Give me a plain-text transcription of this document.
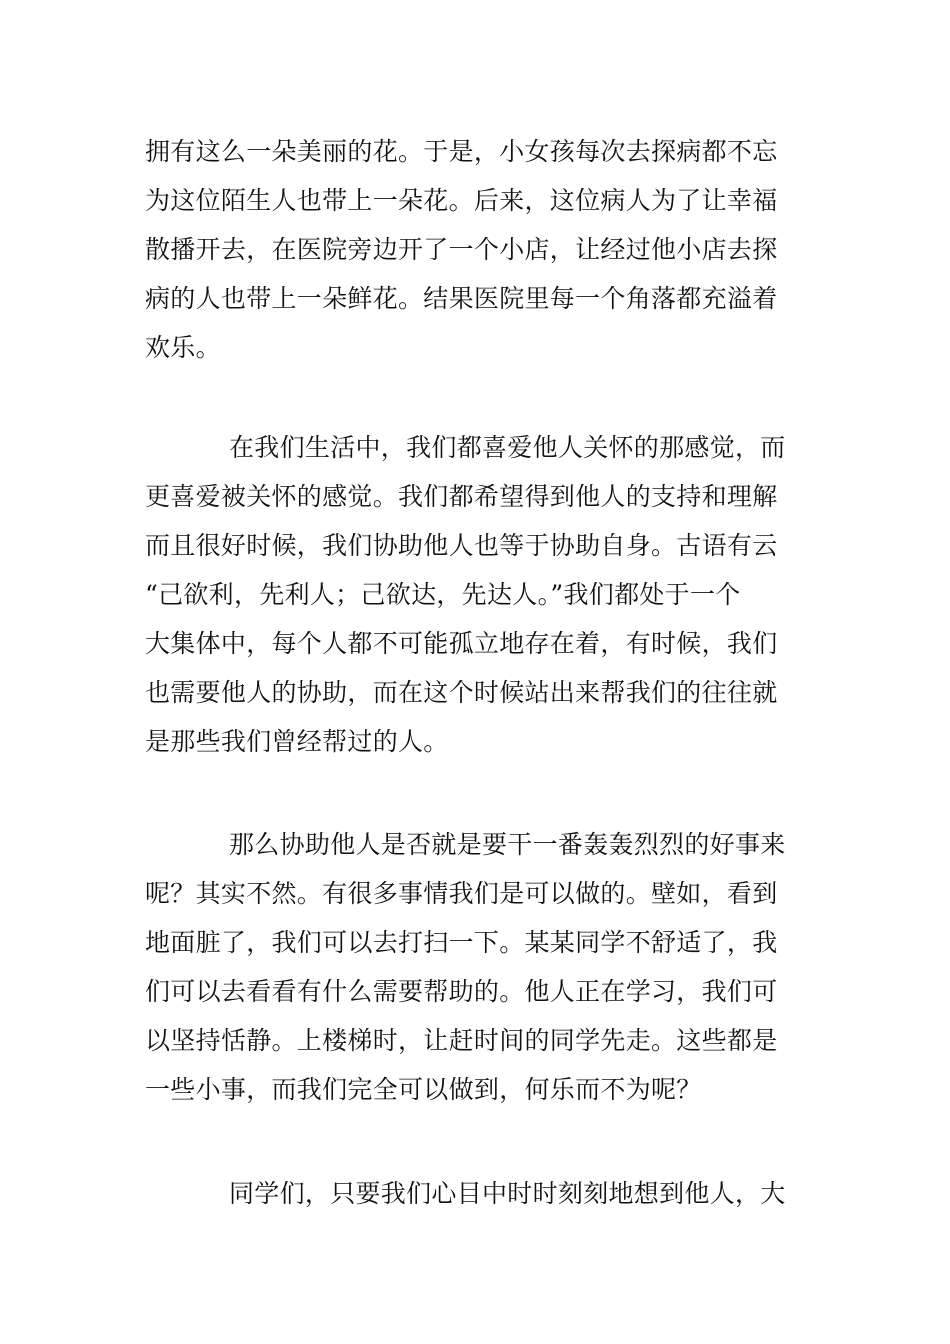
拥有这么一朵美丽的花。于是，小女孩每次去探病都不忘
为这位陌生人也带上一朵花。后来，这位病人为了让幸福
散播开去，在医院旁边开了一个小店，让经过他小店去探
病的人也带上一朵鲜花。结果医院里每一个角落都充溢着
欢乐。
在我们生活中，我们都喜爱他人关怀的那感觉，而
更喜爱被关怀的感觉。我们都希望得到他人的支持和理解
而且很好时候，我们协助他人也等于协助自身。古语有云
“己欲利，先利人；己欲达，先达人。”我们都处于一个
大集体中，每个人都不可能孤立地存在着，有时候，我们
也需要他人的协助，而在这个时候站出来帮我们的往往就
是那些我们曾经帮过的人。
那么协助他人是否就是要干一番轰轰烈烈的好事来
呢？其实不然。有很多事情我们是可以做的。壁如，看到
地面脏了，我们可以去打扫一下。某某同学不舒适了，我
们可以去看看有什么需要帮助的。他人正在学习，我们可
以坚持恬静。上楼梯时，让赶时间的同学先走。这些都是
一些小事，而我们完全可以做到，何乐而不为呢？
同学们，只要我们心目中时时刻刻地想到他人，大
